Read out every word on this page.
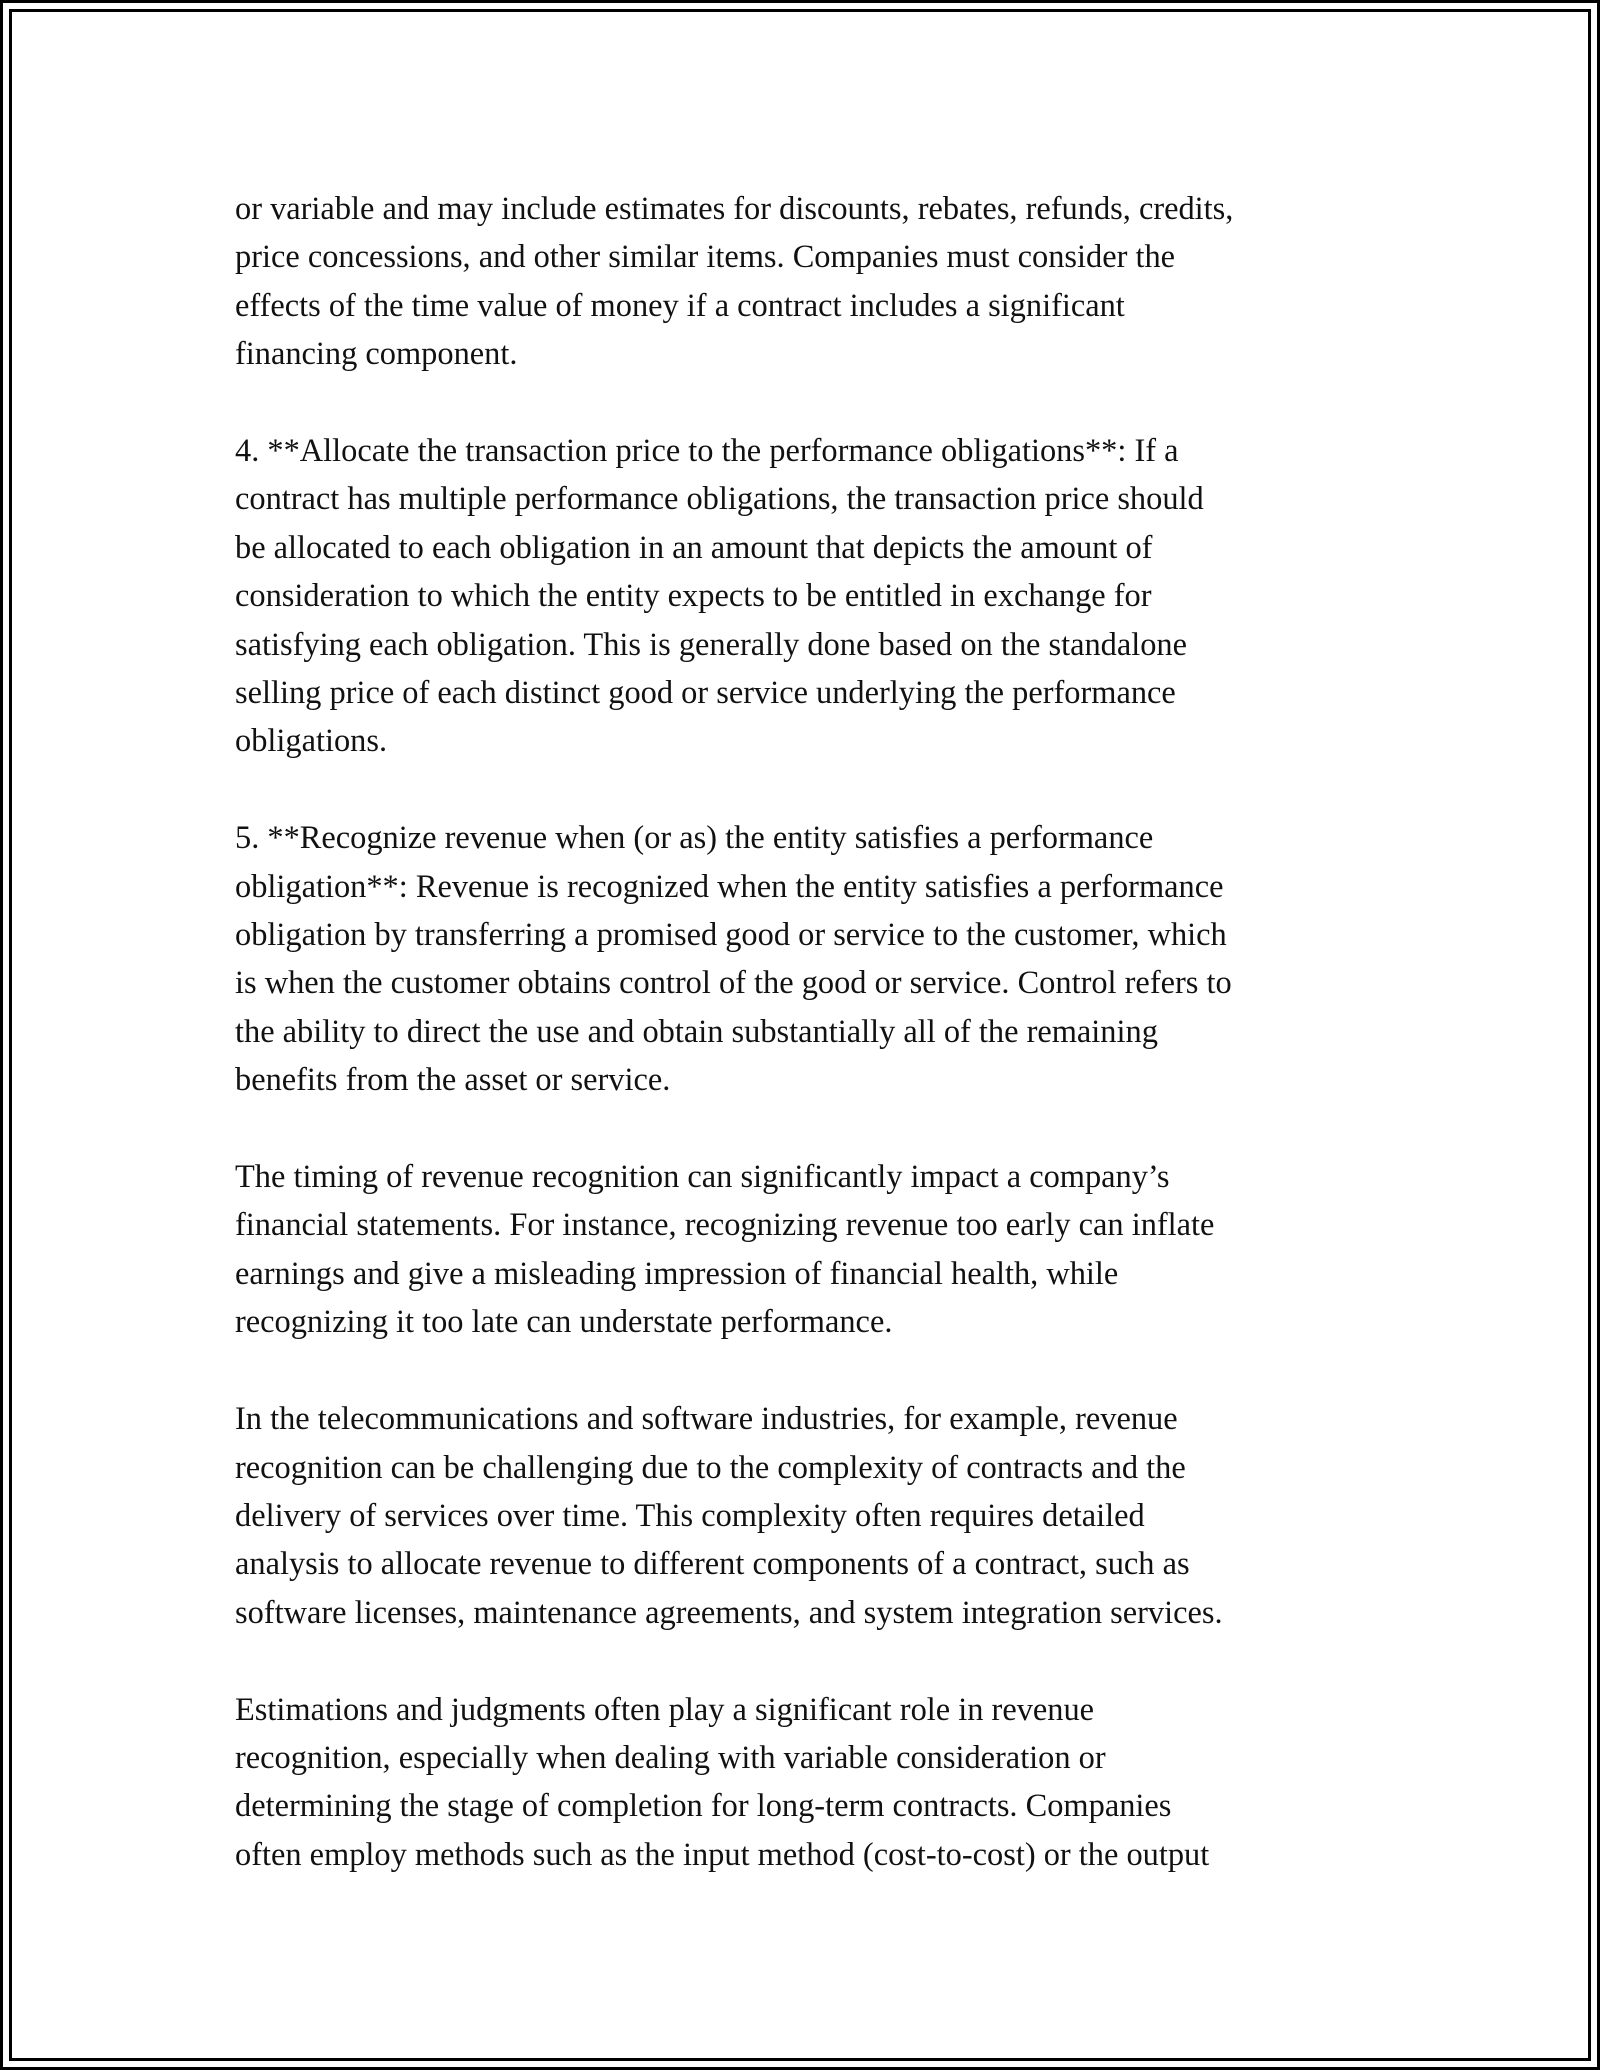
or variable and may include estimates for discounts, rebates, refunds, credits,
price concessions, and other similar items. Companies must consider the
effects of the time value of money if a contract includes a significant
financing component.

4. **Allocate the transaction price to the performance obligations**: If a
contract has multiple performance obligations, the transaction price should
be allocated to each obligation in an amount that depicts the amount of
consideration to which the entity expects to be entitled in exchange for
satisfying each obligation. This is generally done based on the standalone
selling price of each distinct good or service underlying the performance
obligations.

5. **Recognize revenue when (or as) the entity satisfies a performance
obligation**: Revenue is recognized when the entity satisfies a performance
obligation by transferring a promised good or service to the customer, which
is when the customer obtains control of the good or service. Control refers to
the ability to direct the use and obtain substantially all of the remaining
benefits from the asset or service.

The timing of revenue recognition can significantly impact a company’s
financial statements. For instance, recognizing revenue too early can inflate
earnings and give a misleading impression of financial health, while
recognizing it too late can understate performance.

In the telecommunications and software industries, for example, revenue
recognition can be challenging due to the complexity of contracts and the
delivery of services over time. This complexity often requires detailed
analysis to allocate revenue to different components of a contract, such as
software licenses, maintenance agreements, and system integration services.

Estimations and judgments often play a significant role in revenue
recognition, especially when dealing with variable consideration or
determining the stage of completion for long-term contracts. Companies
often employ methods such as the input method (cost-to-cost) or the output
